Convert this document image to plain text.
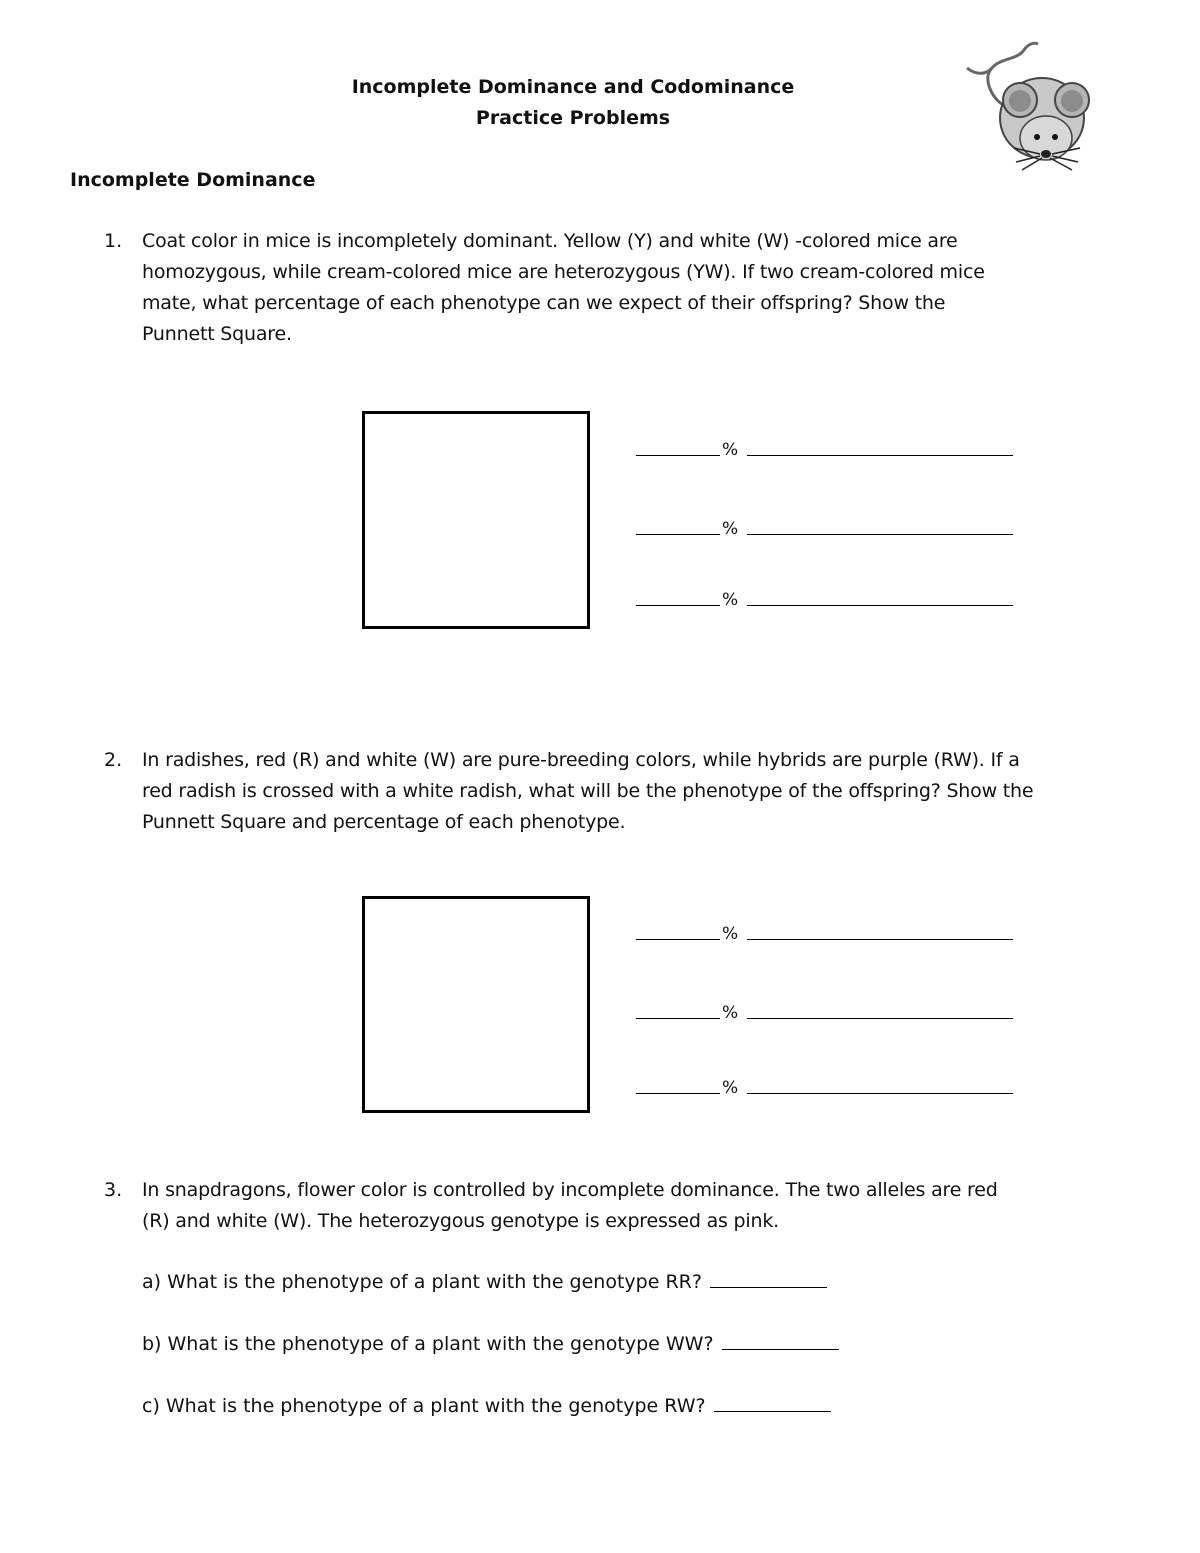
Incomplete Dominance and Codominance
Practice Problems
Incomplete Dominance
1. Coat color in mice is incompletely dominant. Yellow (Y) and white (W) -colored mice are
homozygous, while cream-colored mice are heterozygous (YW). If two cream-colored mice
mate, what percentage of each phenotype can we expect of their offspring? Show the
Punnett Square.
%
%
%
2. In radishes, red (R) and white (W) are pure-breeding colors, while hybrids are purple (RW). If a
red radish is crossed with a white radish, what will be the phenotype of the offspring? Show the
Punnett Square and percentage of each phenotype.
%
%
%
3. In snapdragons, flower color is controlled by incomplete dominance. The two alleles are red
(R) and white (W). The heterozygous genotype is expressed as pink.
a) What is the phenotype of a plant with the genotype RR?
b) What is the phenotype of a plant with the genotype WW?
c) What is the phenotype of a plant with the genotype RW?
